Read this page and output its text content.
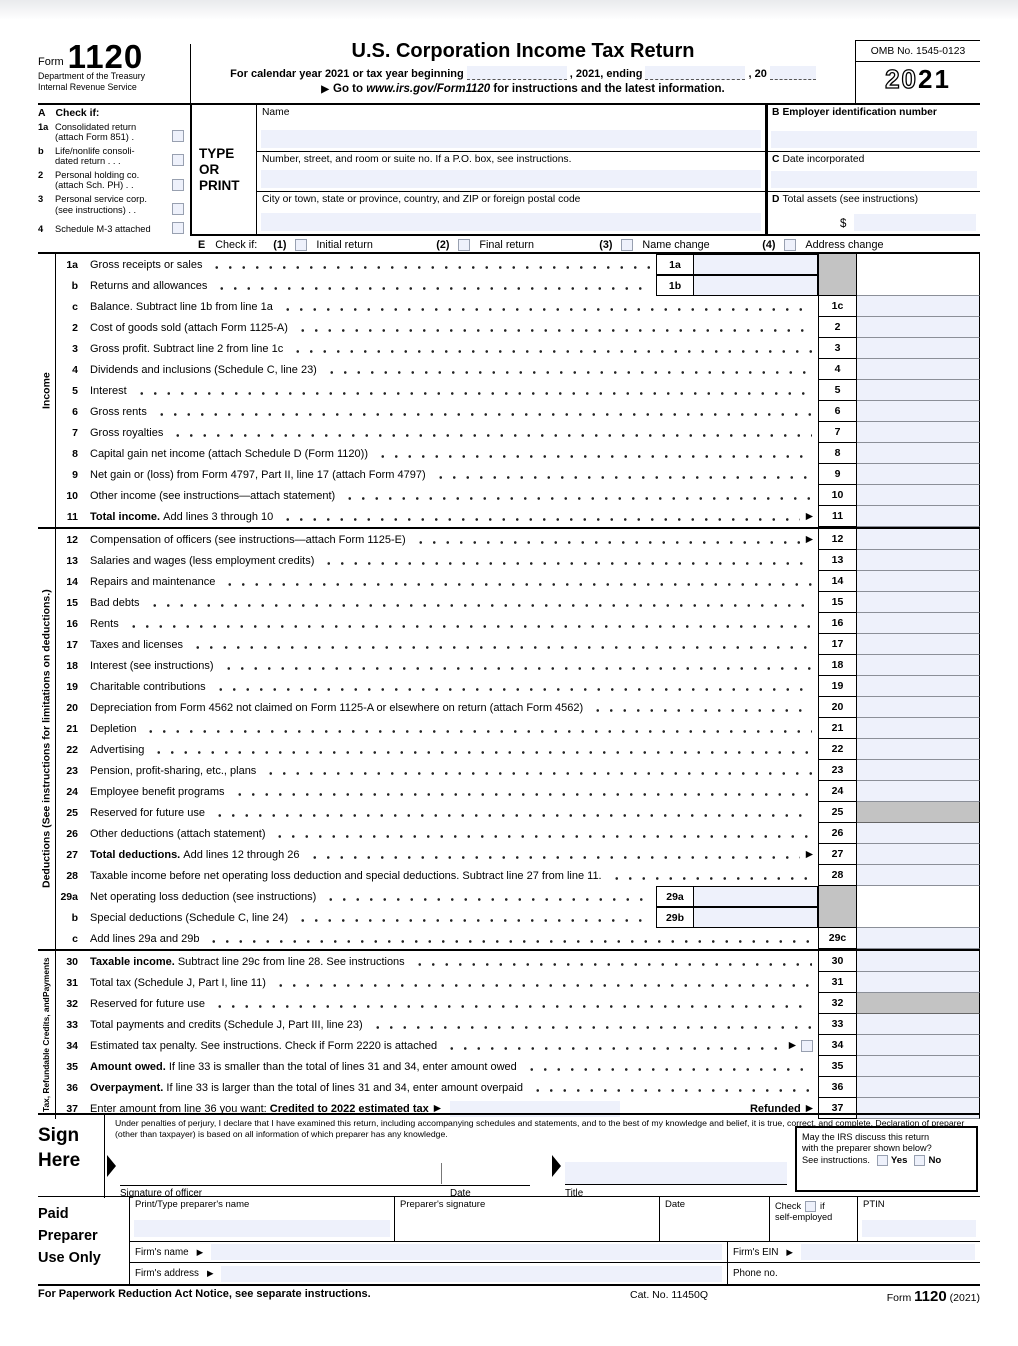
Form 1120
Department of the Treasury
Internal Revenue Service
U.S. Corporation Income Tax Return
For calendar year 2021 or tax year beginning	, 2021, ending	, 20
▶ Go to www.irs.gov/Form1120 for instructions and the latest information.
OMB No. 1545-0123
2021
A Check if:
1a Consolidated return
(attach Form 851) .
b Life/nonlife consoli-
dated return . . .
2 Personal holding co.
(attach Sch. PH) . .
3 Personal service corp.
(see instructions) . .
4 Schedule M-3 attached
TYPE
OR
PRINT
Name
Number, street, and room or suite no. If a P.O. box, see instructions.
City or town, state or province, country, and ZIP or foreign postal code
B Employer identification number
C Date incorporated
D Total assets (see instructions)
$
E Check if: (1)	Initial return	(2)	Final return	(3)	Name change	(4)	Address change
Income
1a	Gross receipts or sales	1a
b	Returns and allowances	1b
c	Balance. Subtract line 1b from line 1a	1c
2	Cost of goods sold (attach Form 1125-A)	2
3	Gross profit. Subtract line 2 from line 1c	3
4	Dividends and inclusions (Schedule C, line 23)	4
5	Interest	5
6	Gross rents	6
7	Gross royalties	7
8	Capital gain net income (attach Schedule D (Form 1120))	8
9	Net gain or (loss) from Form 4797, Part II, line 17 (attach Form 4797)	9
10	Other income (see instructions—attach statement)	10
11	Total income. Add lines 3 through 10	▶	11
Deductions (See instructions for limitations on deductions.)
12	Compensation of officers (see instructions—attach Form 1125-E)	▶	12
13	Salaries and wages (less employment credits)	13
14	Repairs and maintenance	14
15	Bad debts	15
16	Rents	16
17	Taxes and licenses	17
18	Interest (see instructions)	18
19	Charitable contributions	19
20	Depreciation from Form 4562 not claimed on Form 1125-A or elsewhere on return (attach Form 4562)	20
21	Depletion	21
22	Advertising	22
23	Pension, profit-sharing, etc., plans	23
24	Employee benefit programs	24
25	Reserved for future use	25
26	Other deductions (attach statement)	26
27	Total deductions. Add lines 12 through 26	▶	27
28	Taxable income before net operating loss deduction and special deductions. Subtract line 27 from line 11.	28
29a	Net operating loss deduction (see instructions)	29a
b	Special deductions (Schedule C, line 24)	29b
c	Add lines 29a and 29b	29c
Tax, Refundable Credits, and
Payments	30	Taxable income. Subtract line 29c from line 28. See instructions	30
31	Total tax (Schedule J, Part I, line 11)	31
32	Reserved for future use	32
33	Total payments and credits (Schedule J, Part III, line 23)	33
34	Estimated tax penalty. See instructions. Check if Form 2220 is attached	▶	34
35	Amount owed. If line 33 is smaller than the total of lines 31 and 34, enter amount owed	35
36	Overpayment. If line 33 is larger than the total of lines 31 and 34, enter amount overpaid	36
37	Enter amount from line 36 you want: Credited to 2022 estimated tax ▶	Refunded ▶	37
Sign
Here
Under penalties of perjury, I declare that I have examined this return, including accompanying schedules and statements, and to the best of my knowledge and belief, it is true, correct, and complete. Declaration of preparer (other than taxpayer) is based on all information of which preparer has any knowledge.
Signature of officer	Date	Title
May the IRS discuss this return
with the preparer shown below?
See instructions. Yes No
Paid
Preparer
Use Only
Print/Type preparer's name	Preparer's signature	Date	Check if
self-employed
PTIN
Firm's name ▶	Firm's EIN ▶
Firm's address ▶	Phone no.
For Paperwork Reduction Act Notice, see separate instructions.	Cat. No. 11450Q	Form 1120 (2021)
